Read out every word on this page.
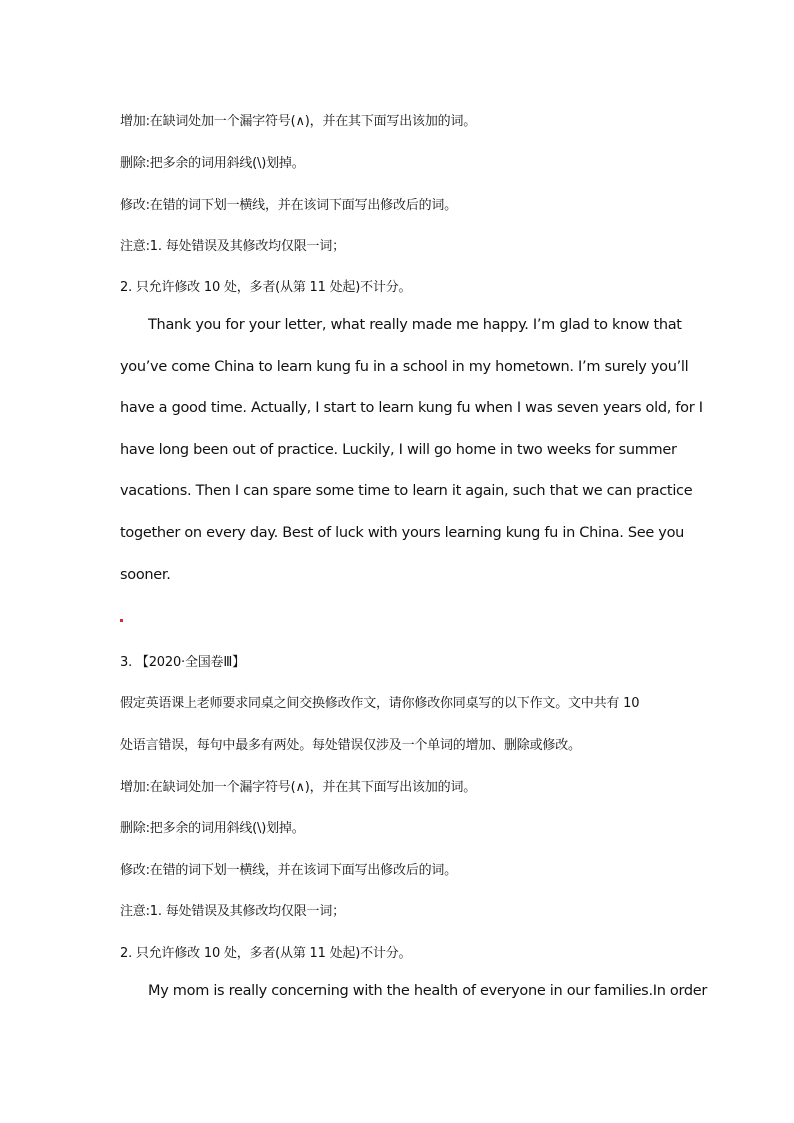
增加:在缺词处加一个漏字符号(∧)，并在其下面写出该加的词。
删除:把多余的词用斜线(\)划掉。
修改:在错的词下划一横线，并在该词下面写出修改后的词。
注意:1. 每处错误及其修改均仅限一词；
2. 只允许修改 10 处，多者(从第 11 处起)不计分。
Thank you for your letter, what really made me happy. I’m glad to know that
you’ve come China to learn kung fu in a school in my hometown. I’m surely you’ll
have a good time. Actually, I start to learn kung fu when I was seven years old, for I
have long been out of practice. Luckily, I will go home in two weeks for summer
vacations. Then I can spare some time to learn it again, such that we can practice
together on every day. Best of luck with yours learning kung fu in China. See you
sooner.
3. 【2020·全国卷Ⅲ】
假定英语课上老师要求同桌之间交换修改作文，请你修改你同桌写的以下作文。文中共有 10
处语言错误，每句中最多有两处。每处错误仅涉及一个单词的增加、删除或修改。
增加:在缺词处加一个漏字符号(∧)，并在其下面写出该加的词。
删除:把多余的词用斜线(\)划掉。
修改:在错的词下划一横线，并在该词下面写出修改后的词。
注意:1. 每处错误及其修改均仅限一词；
2. 只允许修改 10 处，多者(从第 11 处起)不计分。
My mom is really concerning with the health of everyone in our families.In order
